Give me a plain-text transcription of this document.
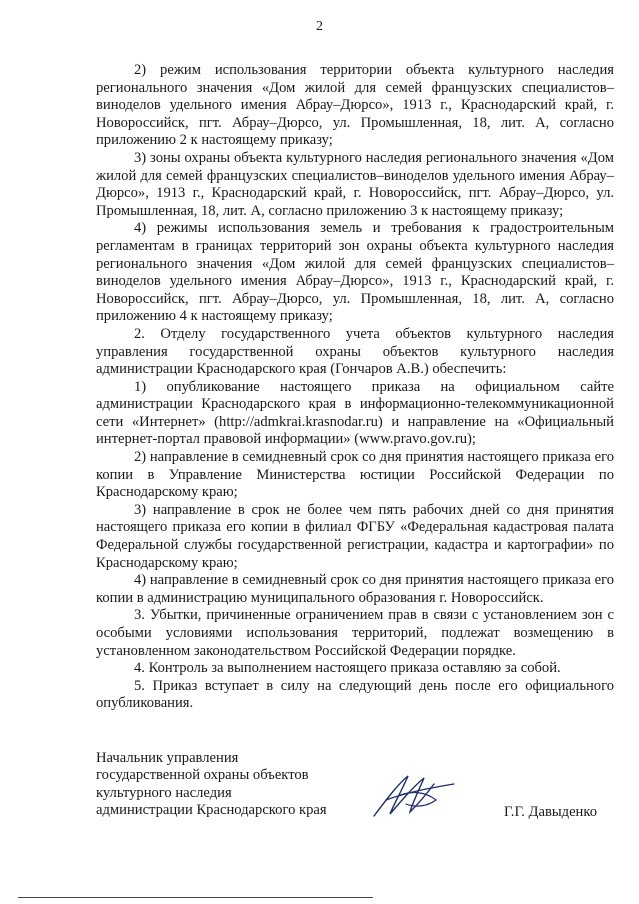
2

2) режим использования территории объекта культурного наследия регионального значения «Дом жилой для семей французских специалистов–виноделов удельного имения Абрау–Дюрсо», 1913 г., Краснодарский край, г. Новороссийск, пгт. Абрау–Дюрсо, ул. Промышленная, 18, лит. А, согласно приложению 2 к настоящему приказу;

3) зоны охраны объекта культурного наследия регионального значения «Дом жилой для семей французских специалистов–виноделов удельного имения Абрау–Дюрсо», 1913 г., Краснодарский край, г. Новороссийск, пгт. Абрау–Дюрсо, ул. Промышленная, 18, лит. А, согласно приложению 3 к настоящему приказу;

4) режимы использования земель и требования к градостроительным регламентам в границах территорий зон охраны объекта культурного наследия регионального значения «Дом жилой для семей французских специалистов–виноделов удельного имения Абрау–Дюрсо», 1913 г., Краснодарский край, г. Новороссийск, пгт. Абрау–Дюрсо, ул. Промышленная, 18, лит. А, согласно приложению 4 к настоящему приказу;

2. Отделу государственного учета объектов культурного наследия управления государственной охраны объектов культурного наследия администрации Краснодарского края (Гончаров А.В.) обеспечить:

1) опубликование настоящего приказа на официальном сайте администрации Краснодарского края в информационно-телекоммуникационной сети «Интернет» (http://admkrai.krasnodar.ru) и направление на «Официальный интернет-портал правовой информации» (www.pravo.gov.ru);

2) направление в семидневный срок со дня принятия настоящего приказа его копии в Управление Министерства юстиции Российской Федерации по Краснодарскому краю;

3) направление в срок не более чем пять рабочих дней со дня принятия настоящего приказа его копии в филиал ФГБУ «Федеральная кадастровая палата Федеральной службы государственной регистрации, кадастра и картографии» по Краснодарскому краю;

4) направление в семидневный срок со дня принятия настоящего приказа его копии в администрацию муниципального образования г. Новороссийск.

3. Убытки, причиненные ограничением прав в связи с установлением зон с особыми условиями использования территорий, подлежат возмещению в установленном законодательством Российской Федерации порядке.

4. Контроль за выполнением настоящего приказа оставляю за собой.

5. Приказ вступает в силу на следующий день после его официального опубликования.

Начальник управления
государственной охраны объектов
культурного наследия
администрации Краснодарского края	Г.Г. Давыденко
